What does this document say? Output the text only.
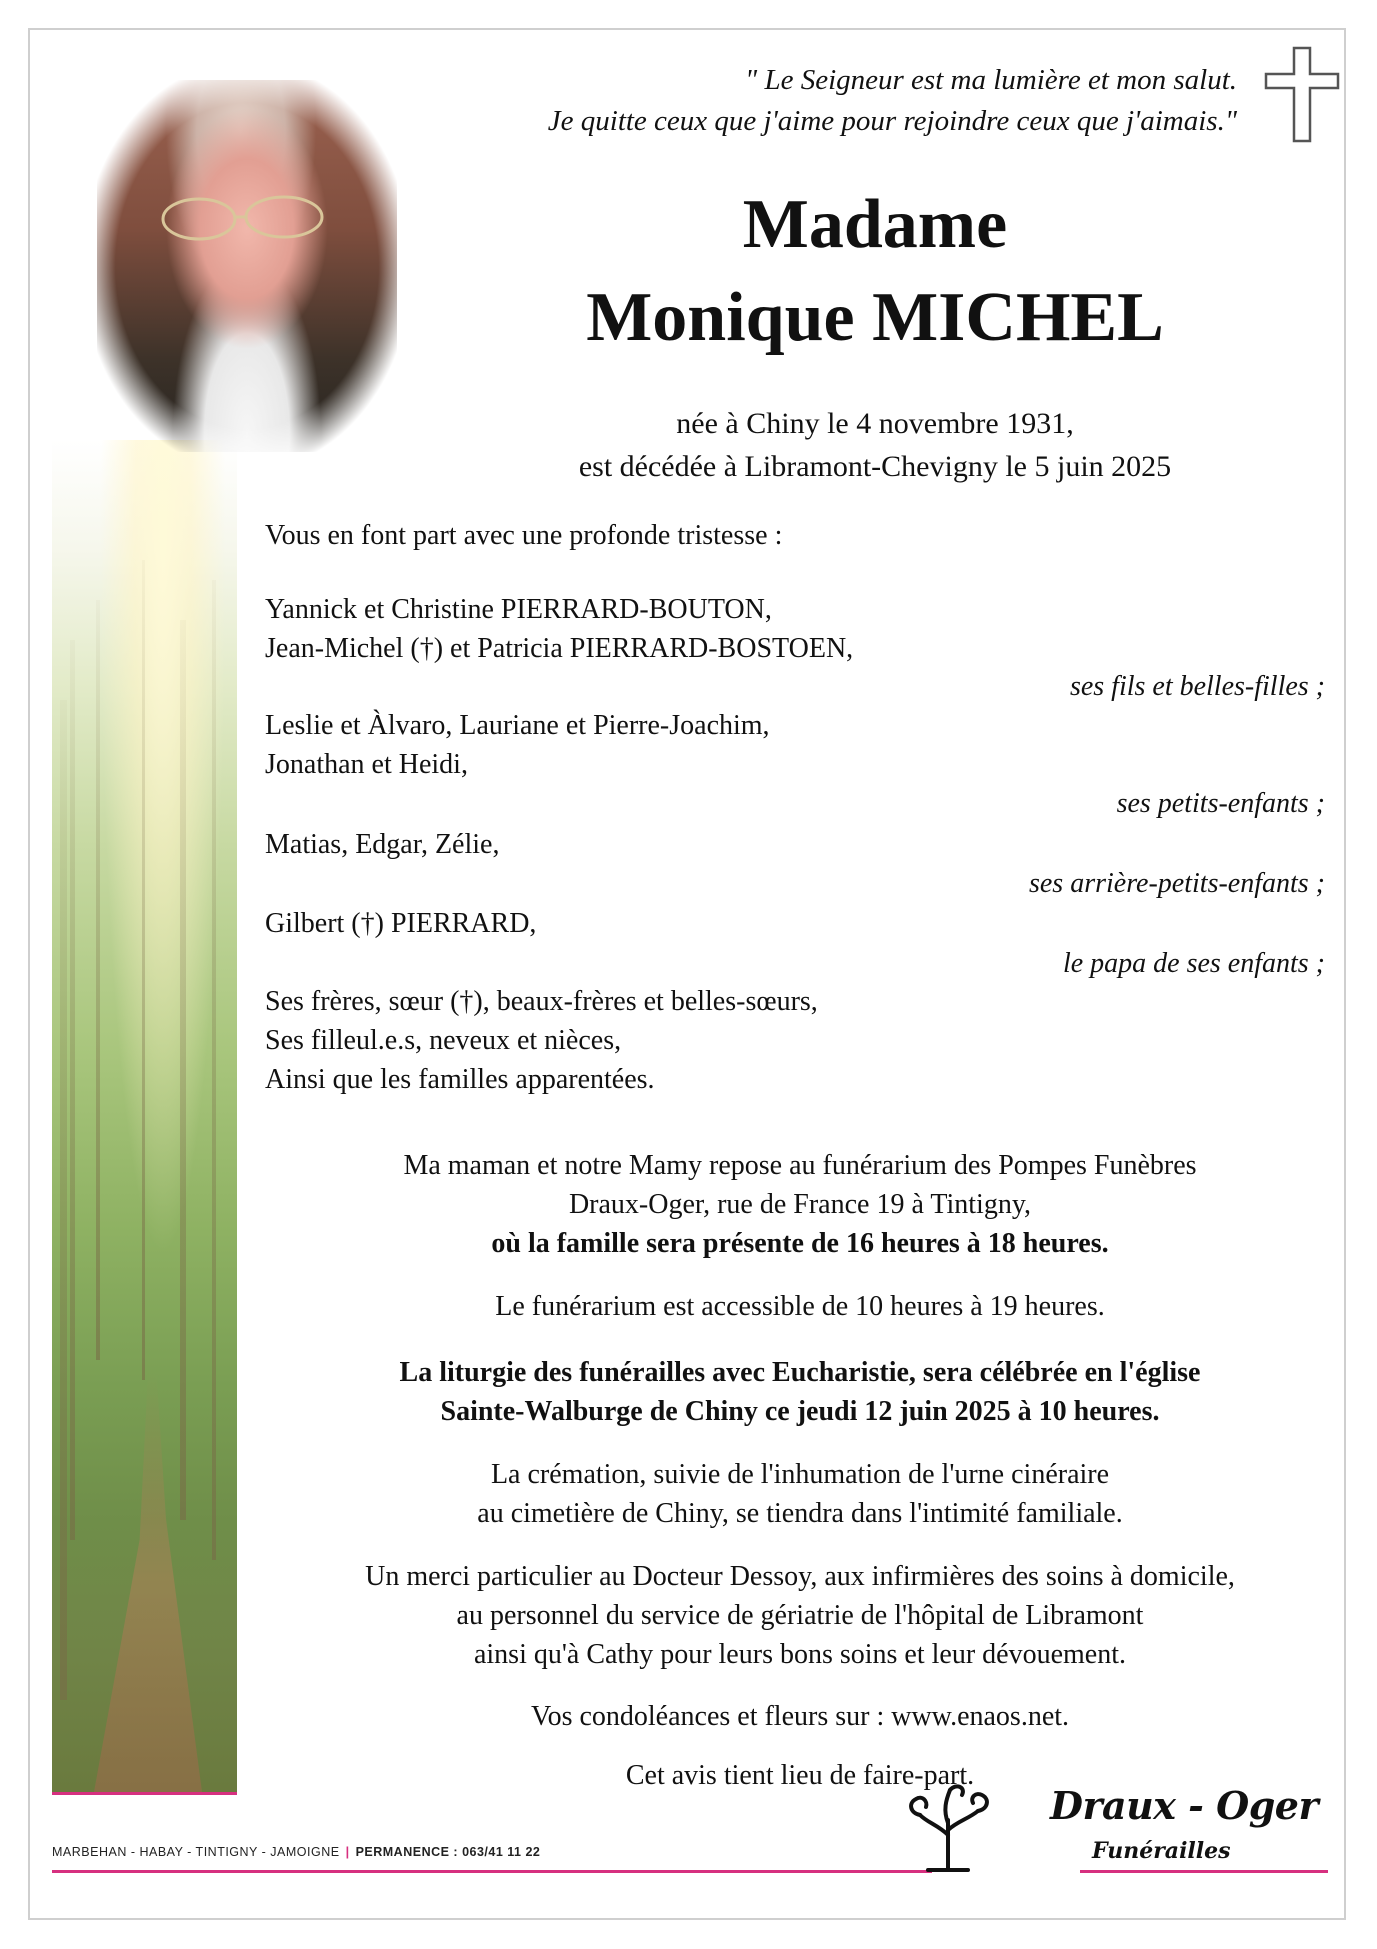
" Le Seigneur est ma lumière et mon salut.
Je quitte ceux que j'aime pour rejoindre ceux que j'aimais."
Madame
Monique MICHEL
née à Chiny le 4 novembre 1931,
est décédée à Libramont-Chevigny le 5 juin 2025
Vous en font part avec une profonde tristesse :
Yannick et Christine PIERRARD-BOUTON,
Jean-Michel (†) et Patricia PIERRARD-BOSTOEN,
ses fils et belles-filles ;
Leslie et Àlvaro, Lauriane et Pierre-Joachim,
Jonathan et Heidi,
ses petits-enfants ;
Matias, Edgar, Zélie,
ses arrière-petits-enfants ;
Gilbert (†) PIERRARD,
le papa de ses enfants ;
Ses frères, sœur (†), beaux-frères et belles-sœurs,
Ses filleul.e.s, neveux et nièces,
Ainsi que les familles apparentées.
Ma maman et notre Mamy repose au funérarium des Pompes Funèbres
Draux-Oger, rue de France 19 à Tintigny,
où la famille sera présente de 16 heures à 18 heures.
Le funérarium est accessible de 10 heures à 19 heures.
La liturgie des funérailles avec Eucharistie, sera célébrée en l'église
Sainte-Walburge de Chiny ce jeudi 12 juin 2025 à 10 heures.
La crémation, suivie de l'inhumation de l'urne cinéraire
au cimetière de Chiny, se tiendra dans l'intimité familiale.
Un merci particulier au Docteur Dessoy, aux infirmières des soins à domicile,
au personnel du service de gériatrie de l'hôpital de Libramont
ainsi qu'à Cathy pour leurs bons soins et leur dévouement.
Vos condoléances et fleurs sur : www.enaos.net.
Cet avis tient lieu de faire-part.
MARBEHAN - HABAY - TINTIGNY - JAMOIGNE | PERMANENCE : 063/41 11 22
Draux - Oger
Funérailles
